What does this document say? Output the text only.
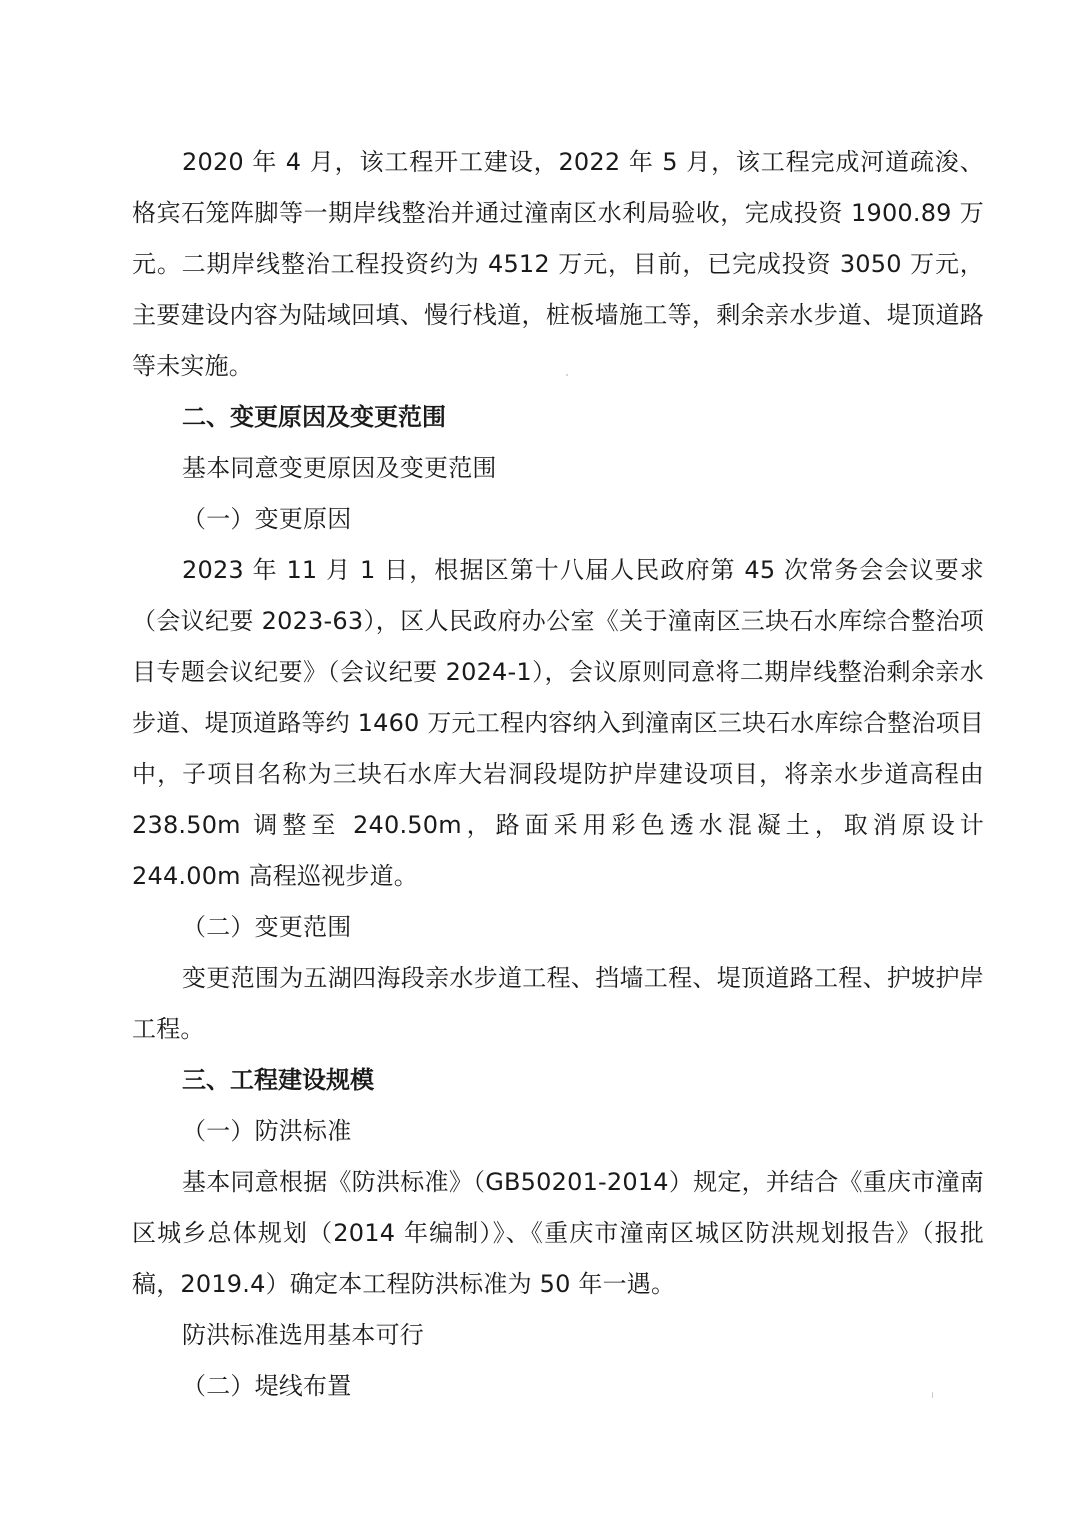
2020 年 4 月，该工程开工建设，2022 年 5 月，该工程完成河道疏浚、格宾石笼阵脚等一期岸线整治并通过潼南区水利局验收，完成投资 1900.89 万元。二期岸线整治工程投资约为 4512 万元，目前，已完成投资 3050 万元，主要建设内容为陆域回填、慢行栈道，桩板墙施工等，剩余亲水步道、堤顶道路等未实施。

二、变更原因及变更范围

基本同意变更原因及变更范围

（一）变更原因

2023 年 11 月 1 日，根据区第十八届人民政府第 45 次常务会会议要求（会议纪要 2023-63），区人民政府办公室《关于潼南区三块石水库综合整治项目专题会议纪要》（会议纪要 2024-1），会议原则同意将二期岸线整治剩余亲水步道、堤顶道路等约 1460 万元工程内容纳入到潼南区三块石水库综合整治项目中，子项目名称为三块石水库大岩洞段堤防护岸建设项目，将亲水步道高程由 238.50m 调整至 240.50m，路面采用彩色透水混凝土，取消原设计 244.00m 高程巡视步道。

（二）变更范围

变更范围为五湖四海段亲水步道工程、挡墙工程、堤顶道路工程、护坡护岸工程。

三、工程建设规模

（一）防洪标准

基本同意根据《防洪标准》（GB50201-2014）规定，并结合《重庆市潼南区城乡总体规划（2014 年编制）》、《重庆市潼南区城区防洪规划报告》（报批稿，2019.4）确定本工程防洪标准为 50 年一遇。

防洪标准选用基本可行

（二）堤线布置
